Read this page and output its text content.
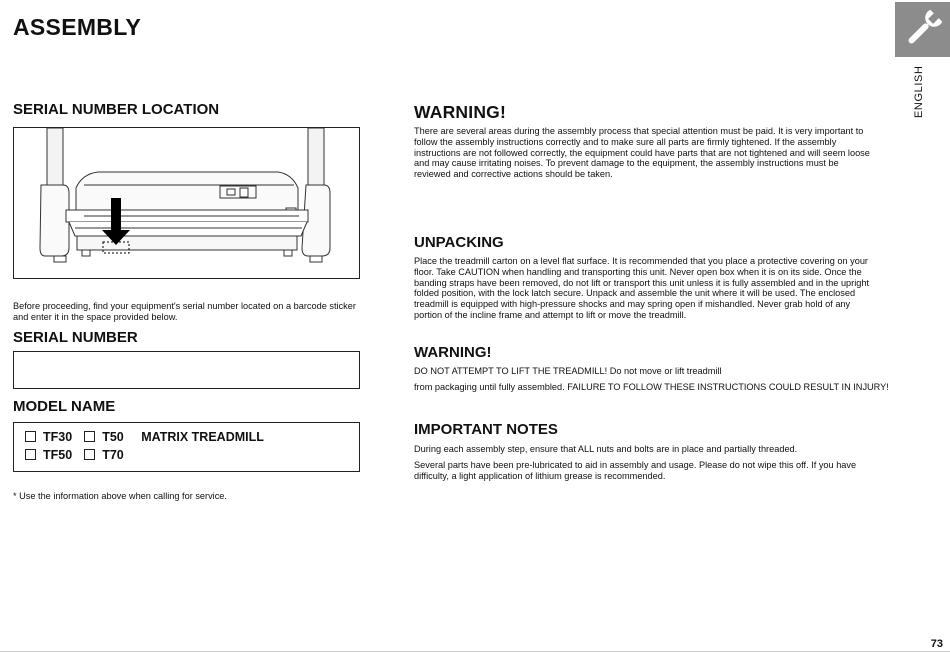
ASSEMBLY
ENGLISH
SERIAL NUMBER LOCATION

Before proceeding, find your equipment's serial number located on a barcode sticker and enter it in the space provided below.

SERIAL NUMBER
MODEL NAME
TF30 T50 MATRIX TREADMILL
TF50 T70

* Use the information above when calling for service.

WARNING!

There are several areas during the assembly process that special attention must be paid. It is very important to follow the assembly instructions correctly and to make sure all parts are firmly tightened. If the assembly instructions are not followed correctly, the equipment could have parts that are not tightened and will seem loose and may cause irritating noises. To prevent damage to the equipment, the assembly instructions must be reviewed and corrective actions should be taken.

UNPACKING

Place the treadmill carton on a level flat surface. It is recommended that you place a protective covering on your floor. Take CAUTION when handling and transporting this unit. Never open box when it is on its side. Once the banding straps have been removed, do not lift or transport this unit unless it is fully assembled and in the upright folded position, with the lock latch secure. Unpack and assemble the unit where it will be used. The enclosed treadmill is equipped with high-pressure shocks and may spring open if mishandled. Never grab hold of any portion of the incline frame and attempt to lift or move the treadmill.

WARNING!

DO NOT ATTEMPT TO LIFT THE TREADMILL! Do not move or lift treadmill

from packaging until fully assembled. FAILURE TO FOLLOW THESE INSTRUCTIONS COULD RESULT IN INJURY!

IMPORTANT NOTES

During each assembly step, ensure that ALL nuts and bolts are in place and partially threaded.

Several parts have been pre-lubricated to aid in assembly and usage. Please do not wipe this off. If you have difficulty, a light application of lithium grease is recommended.

73
